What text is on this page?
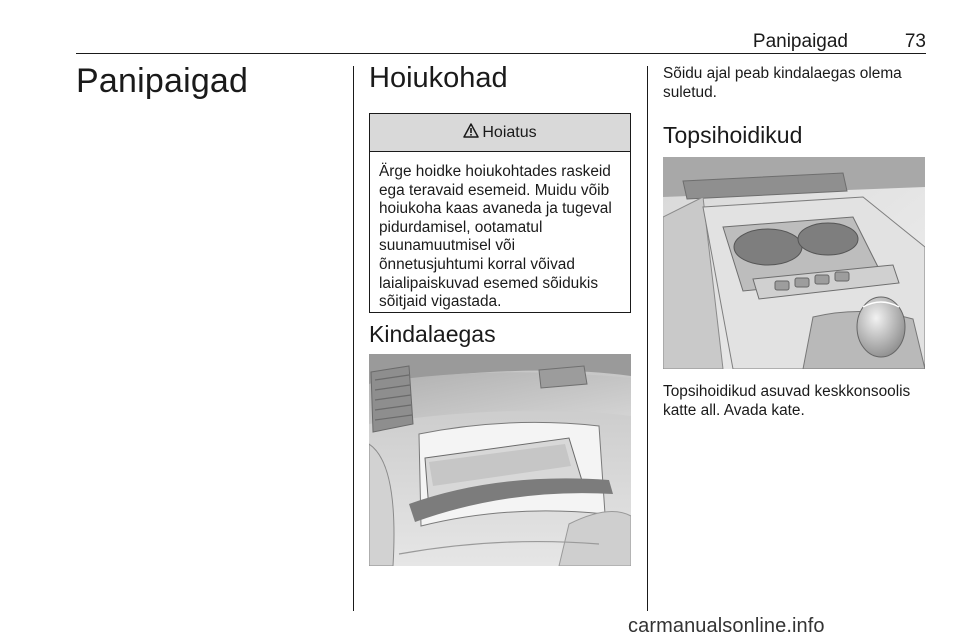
Panipaigad	73
Panipaigad	Hoiukohad
Hoiatus
Ärge hoidke hoiukohtades raskeid
ega teravaid esemeid. Muidu võib
hoiukoha kaas avaneda ja tugeval
pidurdamisel, ootamatul
suunamuutmisel või
õnnetusjuhtumi korral võivad
laialipaiskuvad esemed sõidukis
sõitjaid vigastada.
Kindalaegas
Sõidu ajal peab kindalaegas olema
suletud.
Topsihoidikud
Topsihoidikud asuvad keskkonsoolis
katte all. Avada kate.
carmanualsonline.info
